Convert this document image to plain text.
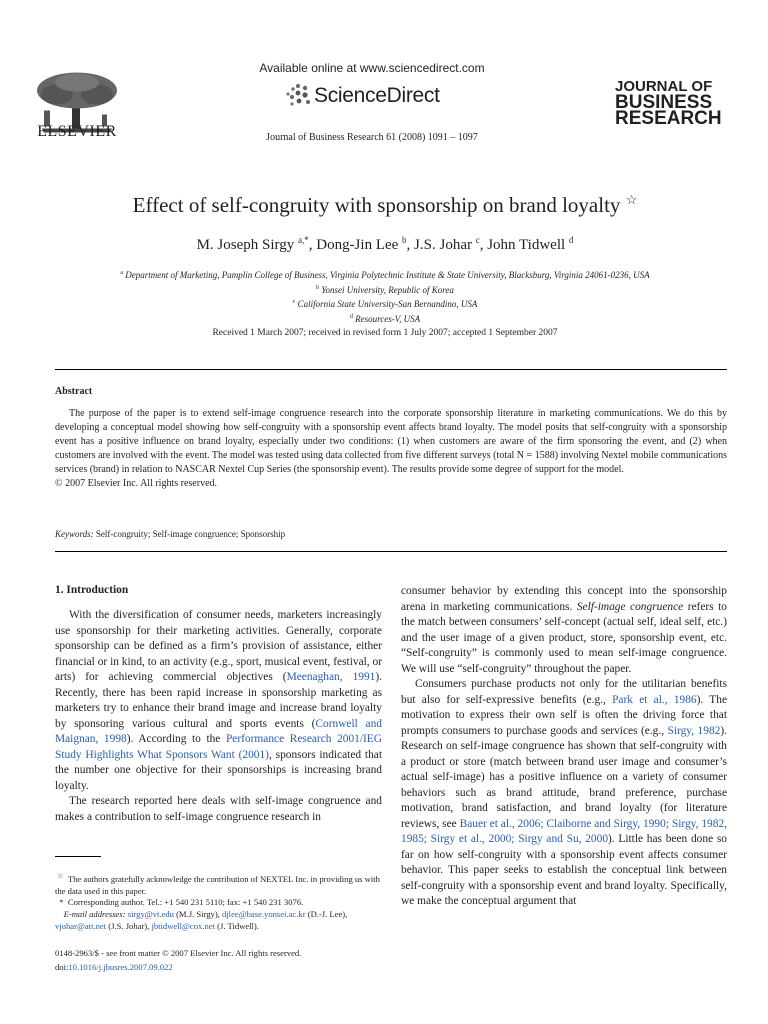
ELSEVIER
Available online at www.sciencedirect.com
ScienceDirect
Journal of Business Research 61 (2008) 1091 – 1097
JOURNAL OF
BUSINESS
RESEARCH
Effect of self-congruity with sponsorship on brand loyalty ☆
M. Joseph Sirgy $^{a,*}$, Dong-Jin Lee $^b$, J.S. Johar $^c$, John Tidwell $^d$
$^a$ Department of Marketing, Pamplin College of Business, Virginia Polytechnic Institute & State University, Blacksburg, Virginia 24061-0236, USA
$^b$ Yonsei University, Republic of Korea
$^c$ California State University-San Bernandino, USA
$^d$ Resources-V, USA
Received 1 March 2007; received in revised form 1 July 2007; accepted 1 September 2007
Abstract

The purpose of the paper is to extend self-image congruence research into the corporate sponsorship literature in marketing communications. We do this by developing a conceptual model showing how self-congruity with a sponsorship event affects brand loyalty. The model posits that self-congruity with a sponsorship event has a positive influence on brand loyalty, especially under two conditions: (1) when customers are aware of the firm sponsoring the event, and (2) when customers are involved with the event. The model was tested using data collected from five different surveys (total N = 1588) involving Nextel mobile communications services (brand) in relation to NASCAR Nextel Cup Series (the sponsorship event). The results provide some degree of support for the model.

© 2007 Elsevier Inc. All rights reserved.
Keywords: Self-congruity; Self-image congruence; Sponsorship
1. Introduction

With the diversification of consumer needs, marketers increasingly use sponsorship for their marketing activities. Generally, corporate sponsorship can be defined as a firm’s provision of assistance, either financial or in kind, to an activity (e.g., sport, musical event, festival, or arts) for achieving commercial objectives (Meenaghan, 1991). Recently, there has been rapid increase in sponsorship marketing as marketers try to enhance their brand image and increase brand loyalty by sponsoring various cultural and sports events (Cornwell and Maignan, 1998). According to the Performance Research 2001/IEG Study Highlights What Sponsors Want (2001), sponsors indicated that the number one objective for their sponsorships is increasing brand loyalty.

The research reported here deals with self-image congruence and makes a contribution to self-image congruence research in

☆ The authors gratefully acknowledge the contribution of NEXTEL Inc. in providing us with the data used in this paper.

* Corresponding author. Tel.: +1 540 231 5110; fax: +1 540 231 3076.

E-mail addresses: sirgy@vt.edu (M.J. Sirgy), djlee@base.yonsei.ac.kr (D.-J. Lee), vjohar@att.net (J.S. Johar), jbtidwell@cox.net (J. Tidwell).

0148-2963/$ - see front matter © 2007 Elsevier Inc. All rights reserved.

doi:10.1016/j.jbusres.2007.09.022

consumer behavior by extending this concept into the sponsorship arena in marketing communications. Self-image congruence refers to the match between consumers’ self-concept (actual self, ideal self, etc.) and the user image of a given product, store, sponsorship event, etc. “Self-congruity” is commonly used to mean self-image congruence. We will use “self-congruity” throughout the paper.

Consumers purchase products not only for the utilitarian benefits but also for self-expressive benefits (e.g., Park et al., 1986). The motivation to express their own self is often the driving force that prompts consumers to purchase goods and services (e.g., Sirgy, 1982). Research on self-image congruence has shown that self-congruity with a product or store (match between brand user image and consumer’s actual self-image) has a positive influence on a variety of consumer behaviors such as brand attitude, brand preference, purchase motivation, brand satisfaction, and brand loyalty (for literature reviews, see Bauer et al., 2006; Claiborne and Sirgy, 1990; Sirgy, 1982, 1985; Sirgy et al., 2000; Sirgy and Su, 2000). Little has been done so far on how self-congruity with a sponsorship event affects consumer behavior. This paper seeks to establish the conceptual link between self-congruity with a sponsorship event and brand loyalty. Specifically, we make the conceptual argument that
